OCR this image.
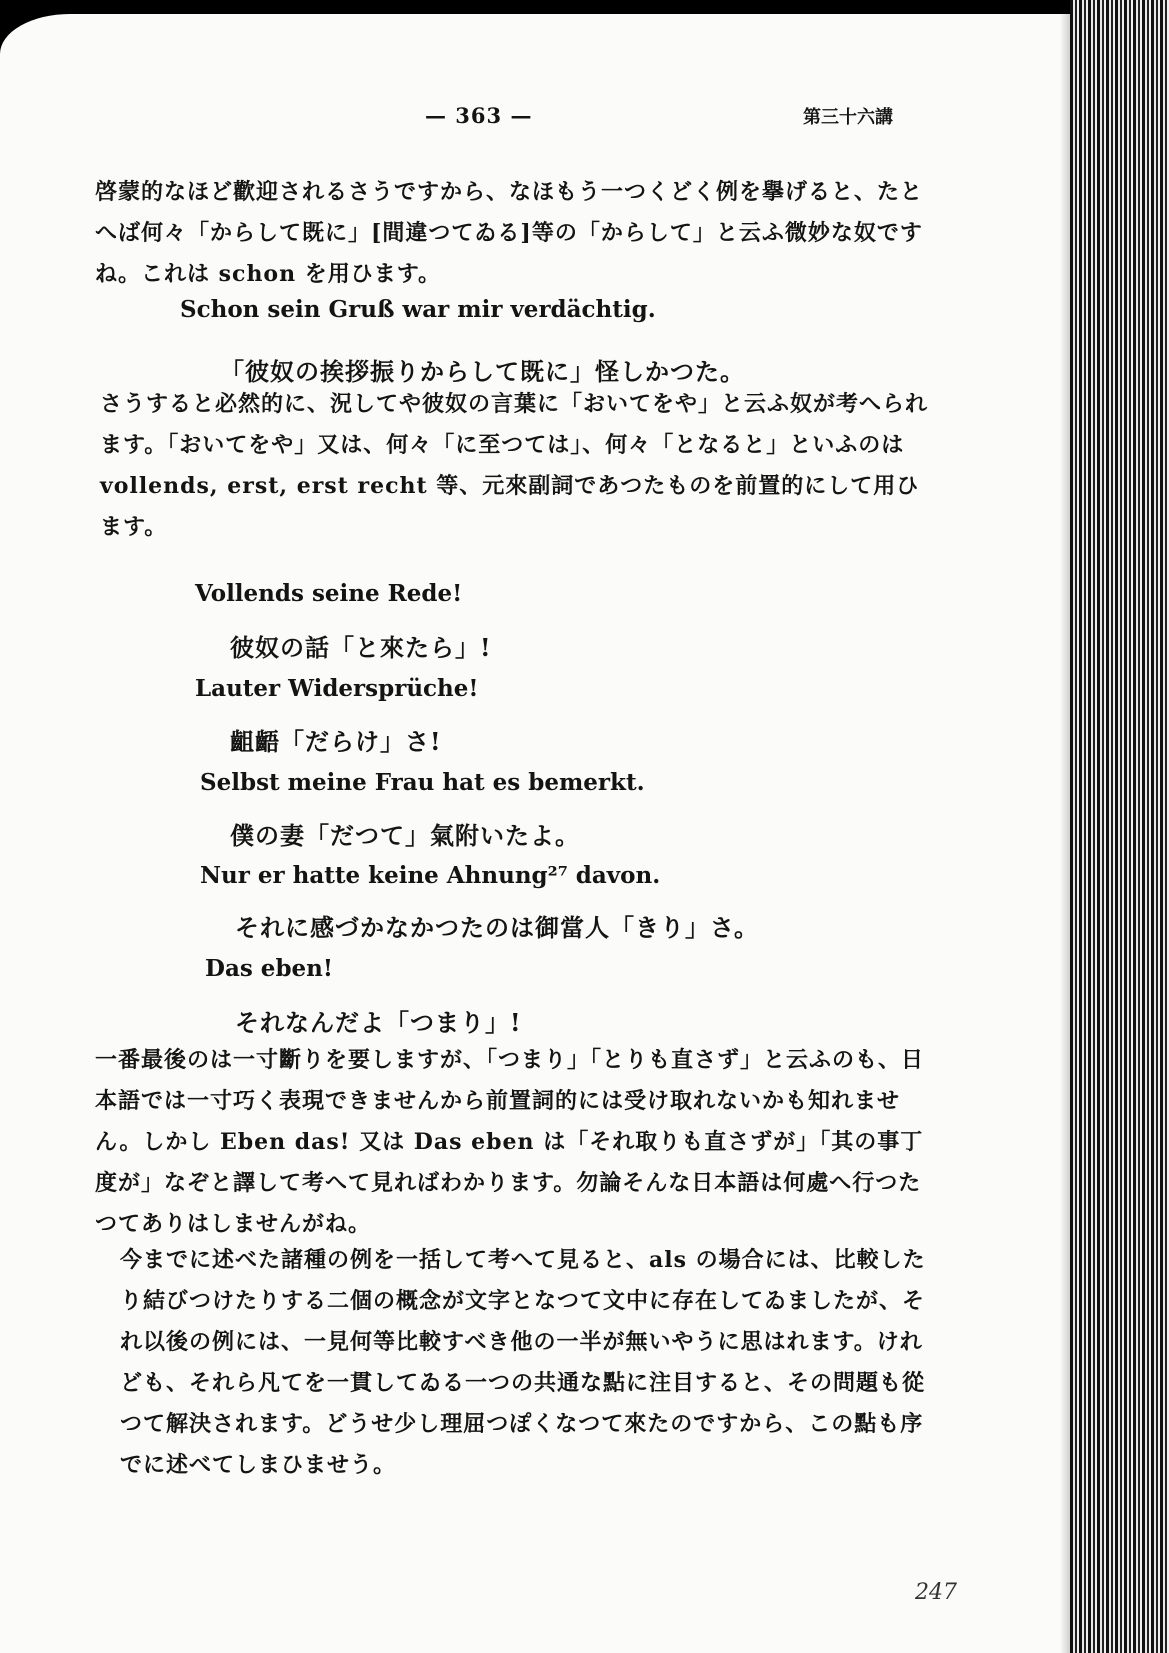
— 363 —	第三十六講

啓蒙的なほど歡迎されるさうですから、なほもう一つくどく例を擧げると、たとへば何々「からして既に」[間違つてゐる]等の「からして」と云ふ微妙な奴ですね。これは schon を用ひます。

Schon sein Gruß war mir verdächtig.

「彼奴の挨拶振りからして既に」怪しかつた。

さうすると必然的に、況してや彼奴の言葉に「おいてをや」と云ふ奴が考へられます。「おいてをや」又は、何々「に至つては」、何々「となると」といふのは vollends, erst, erst recht 等、元來副詞であつたものを前置的にして用ひます。

Vollends seine Rede!

彼奴の話「と來たら」!

Lauter Widersprüche!

齟齬「だらけ」さ!

Selbst meine Frau hat es bemerkt.

僕の妻「だつて」氣附いたよ。

Nur er hatte keine Ahnung²⁷ davon.

それに感づかなかつたのは御當人「きり」さ。

Das eben!

それなんだよ「つまり」!

一番最後のは一寸斷りを要しますが、「つまり」「とりも直さず」と云ふのも、日本語では一寸巧く表現できませんから前置詞的には受け取れないかも知れません。しかし Eben das! 又は Das eben は「それ取りも直さずが」「其の事丁度が」なぞと譯して考へて見ればわかります。勿論そんな日本語は何處へ行つたつてありはしませんがね。

今までに述べた諸種の例を一括して考へて見ると、als の場合には、比較したり結びつけたりする二個の概念が文字となつて文中に存在してゐましたが、それ以後の例には、一見何等比較すべき他の一半が無いやうに思はれます。けれども、それら凡てを一貫してゐる一つの共通な點に注目すると、その問題も從つて解決されます。どうせ少し理屈つぽくなつて來たのですから、この點も序でに述べてしまひませう。

247
